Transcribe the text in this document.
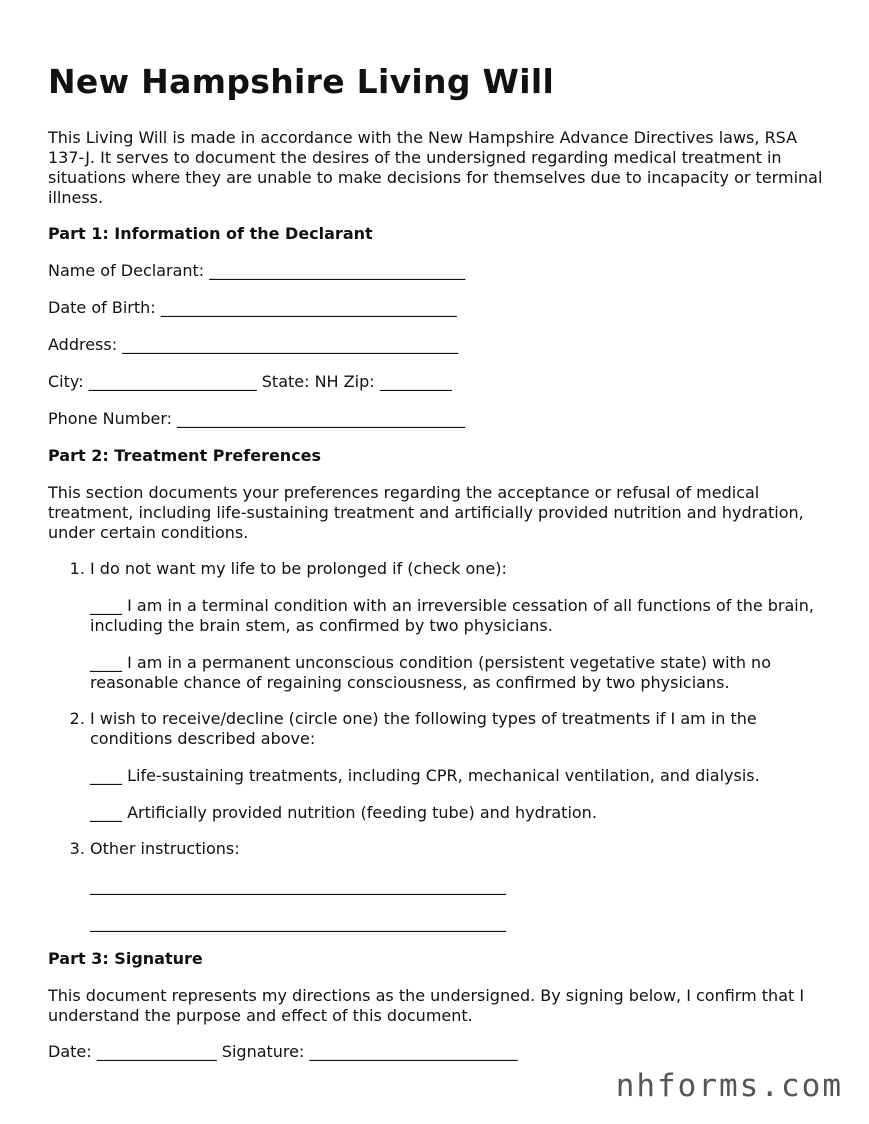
New Hampshire Living Will

This Living Will is made in accordance with the New Hampshire Advance Directives laws, RSA 137-J. It serves to document the desires of the undersigned regarding medical treatment in situations where they are unable to make decisions for themselves due to incapacity or terminal illness.

Part 1: Information of the Declarant

Name of Declarant: ________________________________

Date of Birth: _____________________________________

Address: __________________________________________

City: _____________________ State: NH Zip: _________

Phone Number: ____________________________________

Part 2: Treatment Preferences

This section documents your preferences regarding the acceptance or refusal of medical treatment, including life-sustaining treatment and artificially provided nutrition and hydration, under certain conditions.

1. I do not want my life to be prolonged if (check one):

____ I am in a terminal condition with an irreversible cessation of all functions of the brain, including the brain stem, as confirmed by two physicians.

____ I am in a permanent unconscious condition (persistent vegetative state) with no reasonable chance of regaining consciousness, as confirmed by two physicians.

2. I wish to receive/decline (circle one) the following types of treatments if I am in the conditions described above:

____ Life-sustaining treatments, including CPR, mechanical ventilation, and dialysis.

____ Artificially provided nutrition (feeding tube) and hydration.

3. Other instructions:

____________________________________________________

____________________________________________________

Part 3: Signature

This document represents my directions as the undersigned. By signing below, I confirm that I understand the purpose and effect of this document.

Date: _______________ Signature: __________________________

nhforms.com
